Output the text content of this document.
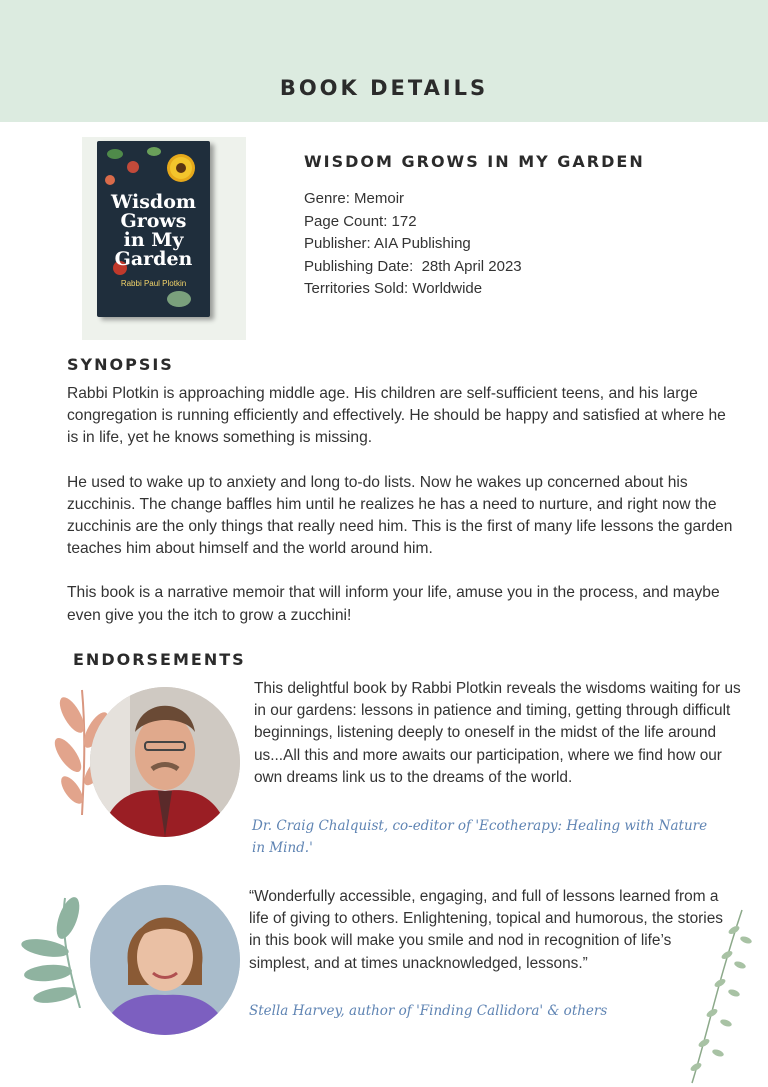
BOOK DETAILS
Wisdom
Grows
in My
Garden
Rabbi Paul Plotkin
WISDOM GROWS IN MY GARDEN
Genre: Memoir
Page Count: 172
Publisher: AIA Publishing
Publishing Date:  28th April 2023
Territories Sold: Worldwide
SYNOPSIS

Rabbi Plotkin is approaching middle age. His children are self-sufficient teens, and his large congregation is running efficiently and effectively. He should be happy and satisfied at where he is in life, yet he knows something is missing.

He used to wake up to anxiety and long to-do lists. Now he wakes up concerned about his zucchinis. The change baffles him until he realizes he has a need to nurture, and right now the zucchinis are the only things that really need him. This is the first of many life lessons the garden teaches him about himself and the world around him.

This book is a narrative memoir that will inform your life, amuse you in the process, and maybe even give you the itch to grow a zucchini!

ENDORSEMENTS
This delightful book by Rabbi Plotkin reveals the wisdoms waiting for us in our gardens: lessons in patience and timing, getting through difficult beginnings, listening deeply to oneself in the midst of the life around us...All this and more awaits our participation, where we find how our own dreams link us to the dreams of the world.
Dr. Craig Chalquist, co-editor of 'Ecotherapy: Healing with Nature in Mind.'
“Wonderfully accessible, engaging, and full of lessons learned from a life of giving to others. Enlightening, topical and humorous, the stories in this book will make you smile and nod in recognition of life’s simplest, and at times unacknowledged, lessons.”
Stella Harvey, author of 'Finding Callidora' & others
